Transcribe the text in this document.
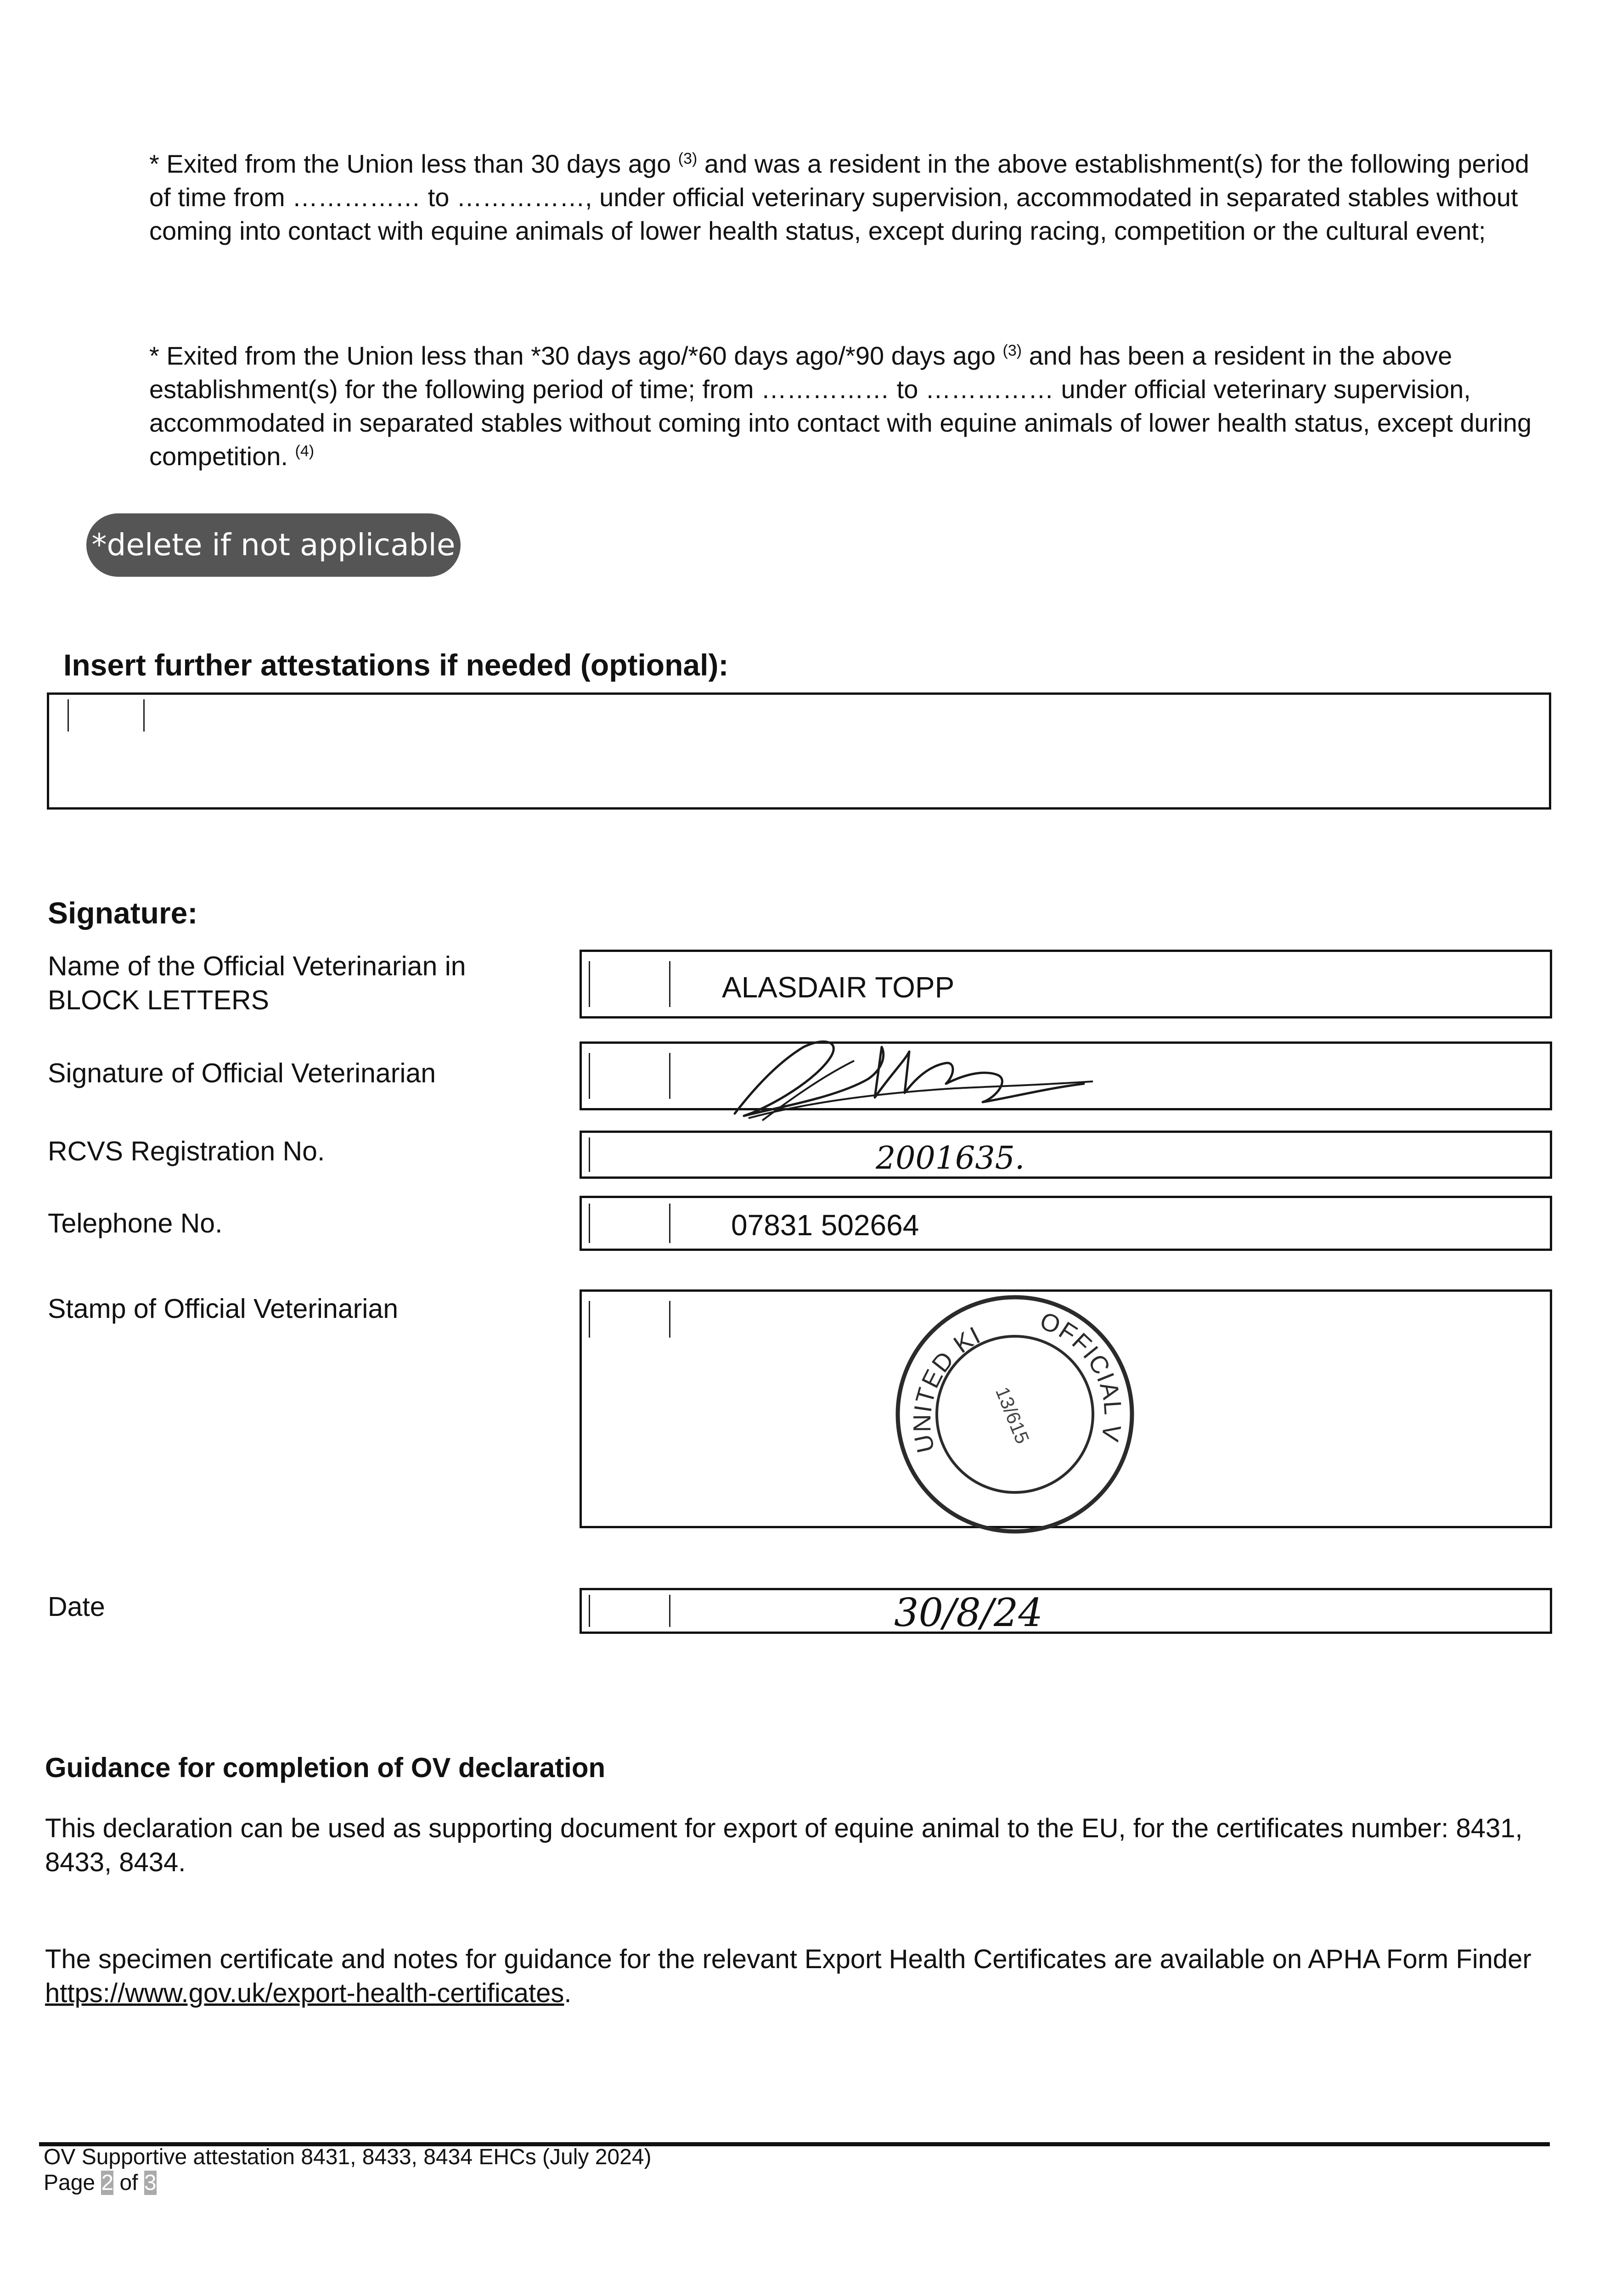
* Exited from the Union less than 30 days ago $^{(3)}$ and was a resident in the above establishment(s) for the following period of time from …………… to ……………, under official veterinary supervision, accommodated in separated stables without coming into contact with equine animals of lower health status, except during racing, competition or the cultural event;
* Exited from the Union less than *30 days ago/*60 days ago/*90 days ago $^{(3)}$ and has been a resident in the above establishment(s) for the following period of time; from …………… to …………… under official veterinary supervision, accommodated in separated stables without coming into contact with equine animals of lower health status, except during competition. $^{(4)}$
*delete if not applicable
Insert further attestations if needed (optional):
Signature:
Name of the Official Veterinarian in BLOCK LETTERS	ALASDAIR TOPP
Signature of Official Veterinarian
RCVS Registration No.	2001635.
Telephone No.	07831 502664
Stamp of Official Veterinarian
UNITED KINGDOM	OFFICIAL VETERINARIAN
13/615
Date	30/8/24
Guidance for completion of OV declaration
This declaration can be used as supporting document for export of equine animal to the EU, for the certificates number: 8431, 8433, 8434.
The specimen certificate and notes for guidance for the relevant Export Health Certificates are available on APHA Form Finder https://www.gov.uk/export-health-certificates.
OV Supportive attestation 8431, 8433, 8434 EHCs (July 2024)
Page 2 of 3
